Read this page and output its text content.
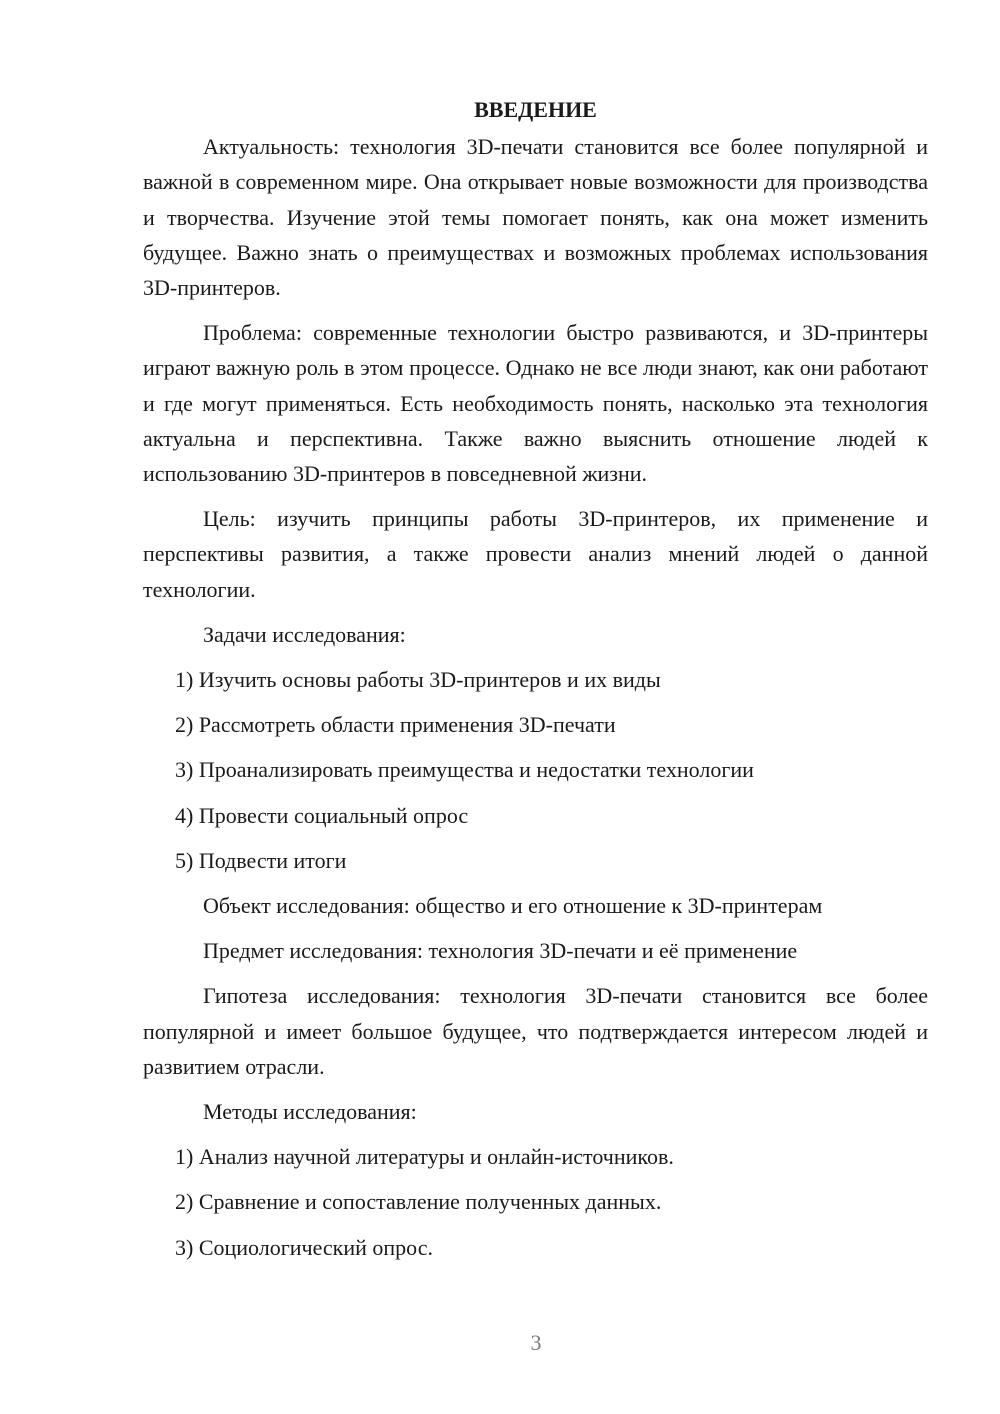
ВВЕДЕНИЕ

Актуальность: технология 3D-печати становится все более популярной и важной в современном мире. Она открывает новые возможности для производства и творчества. Изучение этой темы помогает понять, как она может изменить будущее. Важно знать о преимуществах и возможных проблемах использования 3D-принтеров.

Проблема: современные технологии быстро развиваются, и 3D-принтеры играют важную роль в этом процессе. Однако не все люди знают, как они работают и где могут применяться. Есть необходимость понять, насколько эта технология актуальна и перспективна. Также важно выяснить отношение людей к использованию 3D-принтеров в повседневной жизни.

Цель: изучить принципы работы 3D-принтеров, их применение и перспективы развития, а также провести анализ мнений людей о данной технологии.

Задачи исследования:
1) Изучить основы работы 3D-принтеров и их виды
2) Рассмотреть области применения 3D-печати
3) Проанализировать преимущества и недостатки технологии
4) Провести социальный опрос
5) Подвести итоги
Объект исследования: общество и его отношение к 3D-принтерам
Предмет исследования: технология 3D-печати и её применение

Гипотеза исследования: технология 3D-печати становится все более популярной и имеет большое будущее, что подтверждается интересом людей и развитием отрасли.

Методы исследования:
1) Анализ научной литературы и онлайн-источников.
2) Сравнение и сопоставление полученных данных.
3) Социологический опрос.
3
